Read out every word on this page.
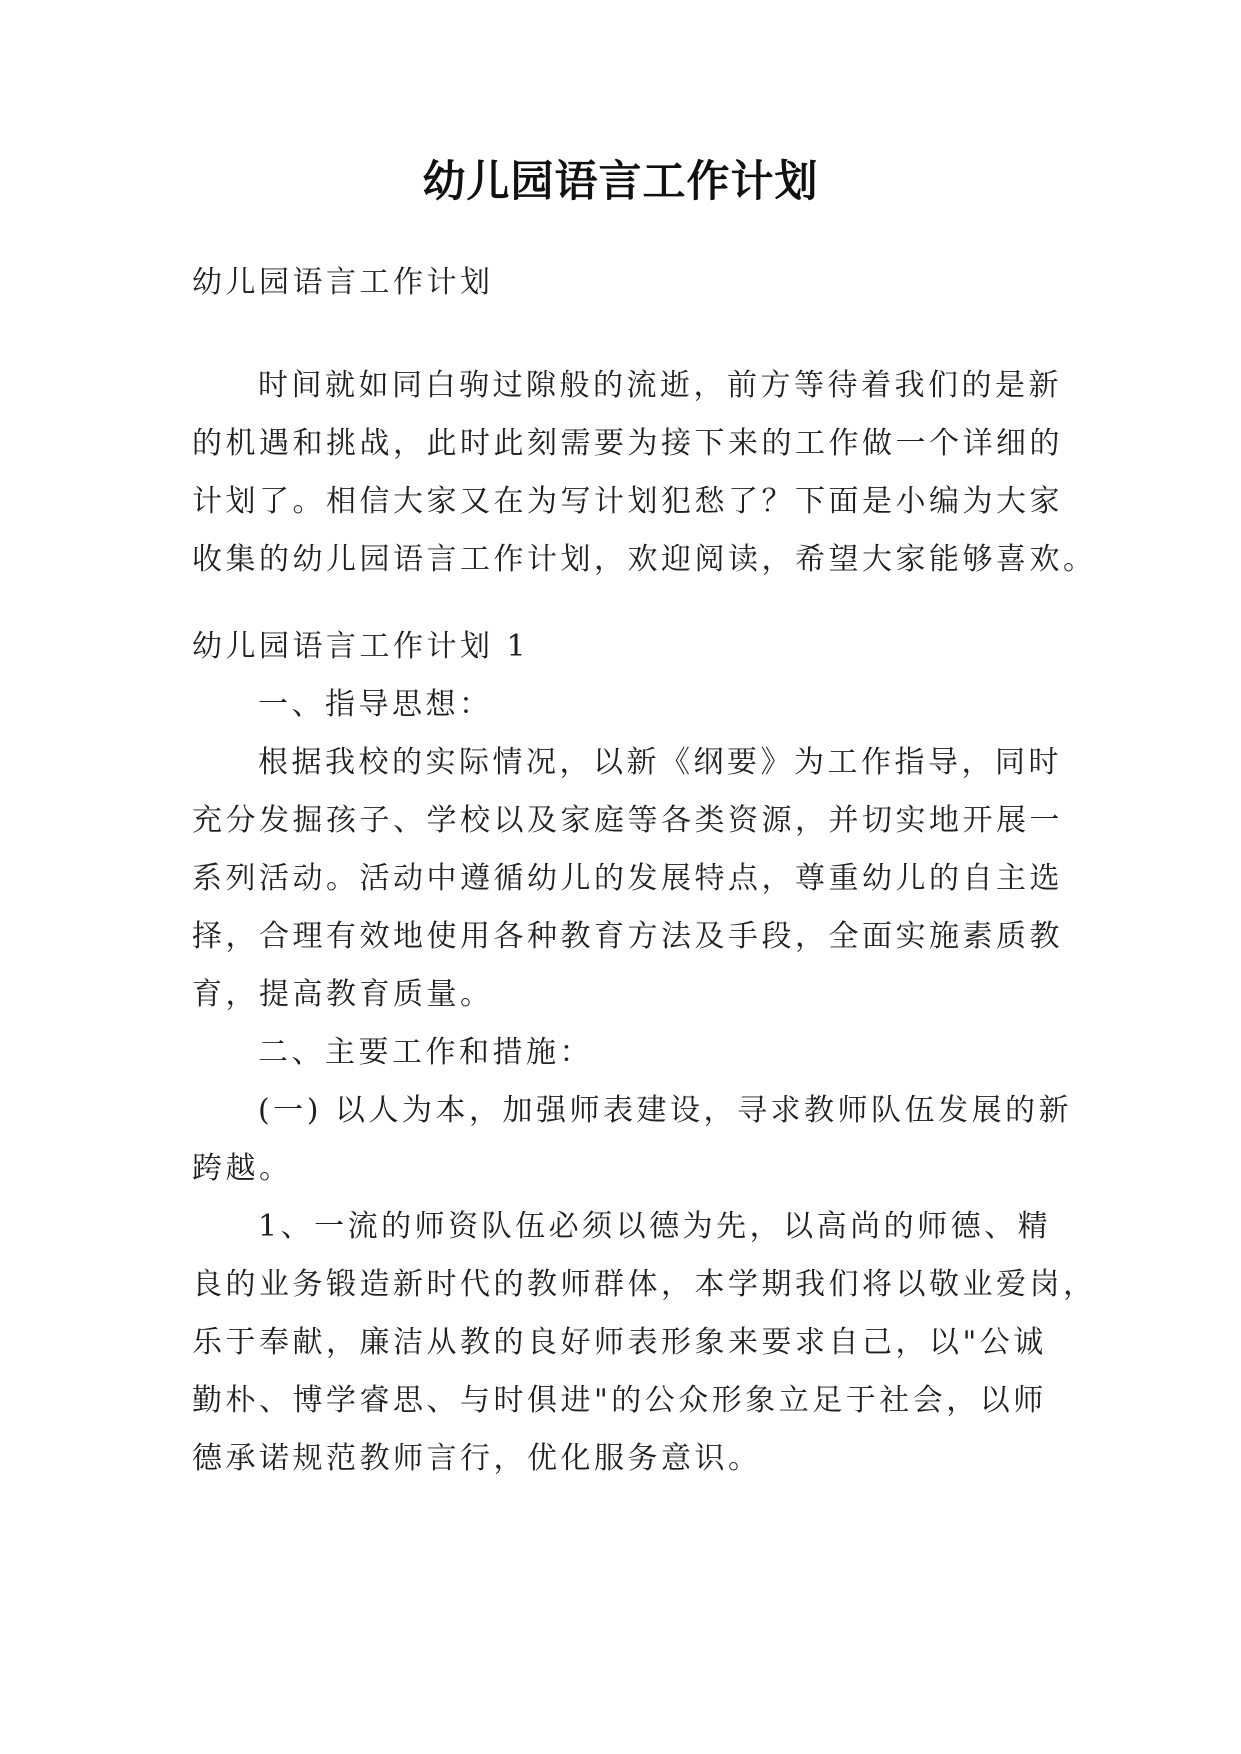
幼儿园语言工作计划
幼儿园语言工作计划
时间就如同白驹过隙般的流逝，前方等待着我们的是新
的机遇和挑战，此时此刻需要为接下来的工作做一个详细的
计划了。相信大家又在为写计划犯愁了？下面是小编为大家
收集的幼儿园语言工作计划，欢迎阅读，希望大家能够喜欢。
幼儿园语言工作计划 1
一、指导思想：
根据我校的实际情况，以新《纲要》为工作指导，同时
充分发掘孩子、学校以及家庭等各类资源，并切实地开展一
系列活动。活动中遵循幼儿的发展特点，尊重幼儿的自主选
择，合理有效地使用各种教育方法及手段，全面实施素质教
育，提高教育质量。
二、主要工作和措施：
(一) 以人为本，加强师表建设，寻求教师队伍发展的新
跨越。
1、一流的师资队伍必须以德为先，以高尚的师德、精
良的业务锻造新时代的教师群体，本学期我们将以敬业爱岗，
乐于奉献，廉洁从教的良好师表形象来要求自己，以"公诚
勤朴、博学睿思、与时俱进"的公众形象立足于社会，以师
德承诺规范教师言行，优化服务意识。
